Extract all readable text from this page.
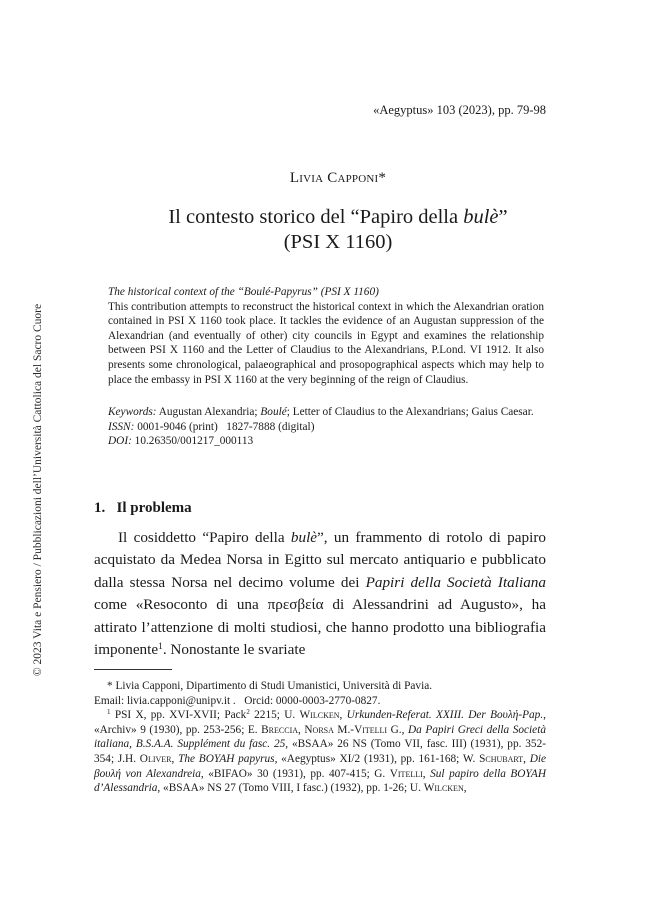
© 2023 Vita e Pensiero / Pubblicazioni dell’Università Cattolica del Sacro Cuore
«Aegyptus» 103 (2023), pp. 79-98
Livia Capponi*
Il contesto storico del “Papiro della bulè”
(PSI X 1160)

The historical context of the “Boulé-Papyrus” (PSI X 1160)

This contribution attempts to reconstruct the historical context in which the Alexandrian oration contained in PSI X 1160 took place. It tackles the evidence of an Augustan suppression of the Alexandrian (and eventually of other) city councils in Egypt and examines the relationship between PSI X 1160 and the Letter of Claudius to the Alexandrians, P.Lond. VI 1912. It also presents some chronological, palaeographical and prosopographical aspects which may help to place the embassy in PSI X 1160 at the very beginning of the reign of Claudius.

Keywords: Augustan Alexandria; Boulé; Letter of Claudius to the Alexandrians; Gaius Caesar.

ISSN: 0001-9046 (print)   1827-7888 (digital)

DOI: 10.26350/001217_000113

1.   Il problema

Il cosiddetto “Papiro della bulè”, un frammento di rotolo di papiro acquistato da Medea Norsa in Egitto sul mercato antiquario e pubblicato dalla stessa Norsa nel decimo volume dei Papiri della Società Italiana come «Resoconto di una πρεσβεία di Alessandrini ad Augusto», ha attirato l’attenzione di molti studiosi, che hanno prodotto una bibliografia imponente$^1$. Nonostante le svariate

* Livia Capponi, Dipartimento di Studi Umanistici, Università di Pavia.

Email: livia.capponi@unipv.it .   Orcid: 0000-0003-2770-0827.

$^1$ PSI X, pp. XVI-XVII; Pack$^2$ 2215; U. Wilcken, Urkunden-Referat. XXIII. Der Βουλή-Pap., «Archiv» 9 (1930), pp. 253-256; E. Breccia, Norsa M.-Vitelli G., Da Papiri Greci della Società italiana, B.S.A.A. Supplément du fasc. 25, «BSAA» 26 NS (Tomo VII, fasc. III) (1931), pp. 352-354; J.H. Oliver, The BOYAH papyrus, «Aegyptus» XI/2 (1931), pp. 161-168; W. Schubart, Die βουλή von Alexandreia, «BIFAO» 30 (1931), pp. 407-415; G. Vitelli, Sul papiro della BOYAH d’Alessandria, «BSAA» NS 27 (Tomo VIII, I fasc.) (1932), pp. 1-26; U. Wilcken,
